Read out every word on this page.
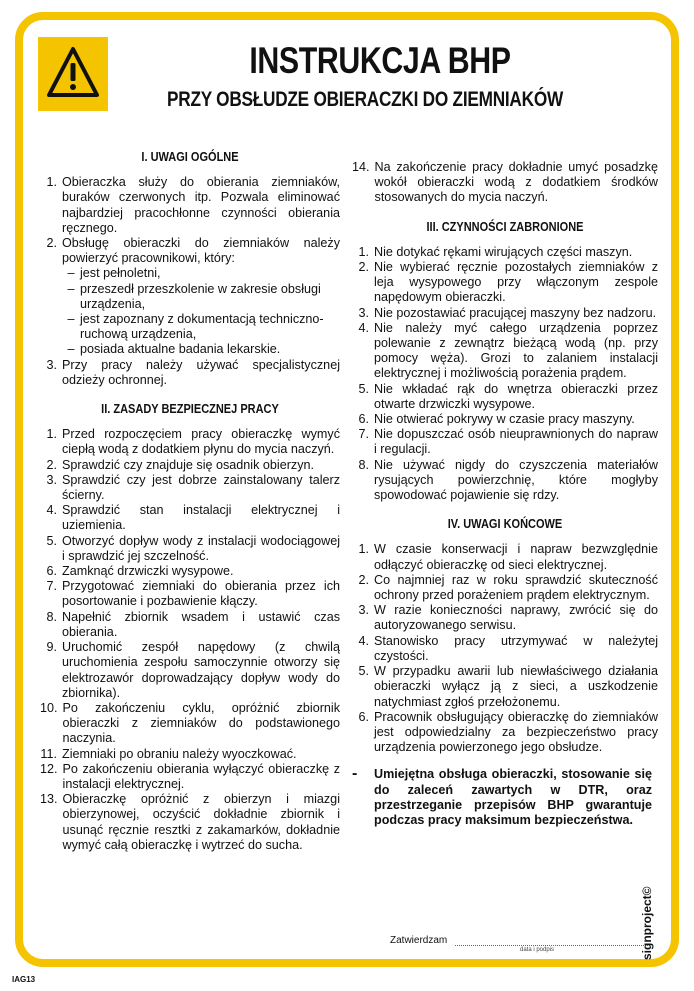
INSTRUKCJA BHP
PRZY OBSŁUDZE OBIERACZKI DO ZIEMNIAKÓW
I. UWAGI OGÓLNE
1. Obieraczka służy do obierania ziemniaków, buraków czerwonych itp. Pozwala eliminować najbardziej pracochłonne czynności obierania ręcznego.
2. Obsługę obieraczki do ziemniaków należy powierzyć pracownikowi, który:
– jest pełnoletni,
– przeszedł przeszkolenie w zakresie obsługi urządzenia,
– jest zapoznany z dokumentacją techniczno-ruchową urządzenia,
– posiada aktualne badania lekarskie.
3. Przy pracy należy używać specjalistycznej odzieży ochronnej.
II. ZASADY BEZPIECZNEJ PRACY
1. Przed rozpoczęciem pracy obieraczkę wymyć ciepłą wodą z dodatkiem płynu do mycia naczyń.
2. Sprawdzić czy znajduje się osadnik obierzyn.
3. Sprawdzić czy jest dobrze zainstalowany talerz ścierny.
4. Sprawdzić stan instalacji elektrycznej i uziemienia.
5. Otworzyć dopływ wody z instalacji wodociągowej i sprawdzić jej szczelność.
6. Zamknąć drzwiczki wysypowe.
7. Przygotować ziemniaki do obierania przez ich posortowanie i pozbawienie kłączy.
8. Napełnić zbiornik wsadem i ustawić czas obierania.
9. Uruchomić zespół napędowy (z chwilą uruchomienia zespołu samoczynnie otworzy się elektrozawór doprowadzający dopływ wody do zbiornika).
10. Po zakończeniu cyklu, opróżnić zbiornik obieraczki z ziemniaków do podstawionego naczynia.
11. Ziemniaki po obraniu należy wyoczkować.
12. Po zakończeniu obierania wyłączyć obieraczkę z instalacji elektrycznej.
13. Obieraczkę opróżnić z obierzyn i miazgi obierzynowej, oczyścić dokładnie zbiornik i usunąć ręcznie resztki z zakamarków, dokładnie wymyć całą obieraczkę i wytrzeć do sucha.
14. Na zakończenie pracy dokładnie umyć posadzkę wokół obieraczki wodą z dodatkiem środków stosowanych do mycia naczyń.
III. CZYNNOŚCI ZABRONIONE
1. Nie dotykać rękami wirujących części maszyn.
2. Nie wybierać ręcznie pozostałych ziemniaków z leja wysypowego przy włączonym zespole napędowym obieraczki.
3. Nie pozostawiać pracującej maszyny bez nadzoru.
4. Nie należy myć całego urządzenia poprzez polewanie z zewnątrz bieżącą wodą (np. przy pomocy węża). Grozi to zalaniem instalacji elektrycznej i możliwością porażenia prądem.
5. Nie wkładać rąk do wnętrza obieraczki przez otwarte drzwiczki wysypowe.
6. Nie otwierać pokrywy w czasie pracy maszyny.
7. Nie dopuszczać osób nieuprawnionych do napraw i regulacji.
8. Nie używać nigdy do czyszczenia materiałów rysujących powierzchnię, które mogłyby spowodować pojawienie się rdzy.
IV. UWAGI KOŃCOWE
1. W czasie konserwacji i napraw bezwzględnie odłączyć obieraczkę od sieci elektrycznej.
2. Co najmniej raz w roku sprawdzić skuteczność ochrony przed porażeniem prądem elektrycznym.
3. W razie konieczności naprawy, zwrócić się do autoryzowanego serwisu.
4. Stanowisko pracy utrzymywać w należytej czystości.
5. W przypadku awarii lub niewłaściwego działania obieraczki wyłącz ją z sieci, a uszkodzenie natychmiast zgłoś przełożonemu.
6. Pracownik obsługujący obieraczkę do ziemniaków jest odpowiedzialny za bezpieczeństwo pracy urządzenia powierzonego jego obsłudze.
-	Umiejętna obsługa obieraczki, stosowanie się do zaleceń zawartych w DTR, oraz przestrzeganie przepisów BHP gwarantuje podczas pracy maksimum bezpieczeństwa.
Zatwierdzam
data i podpis	signproject©
IAG13
